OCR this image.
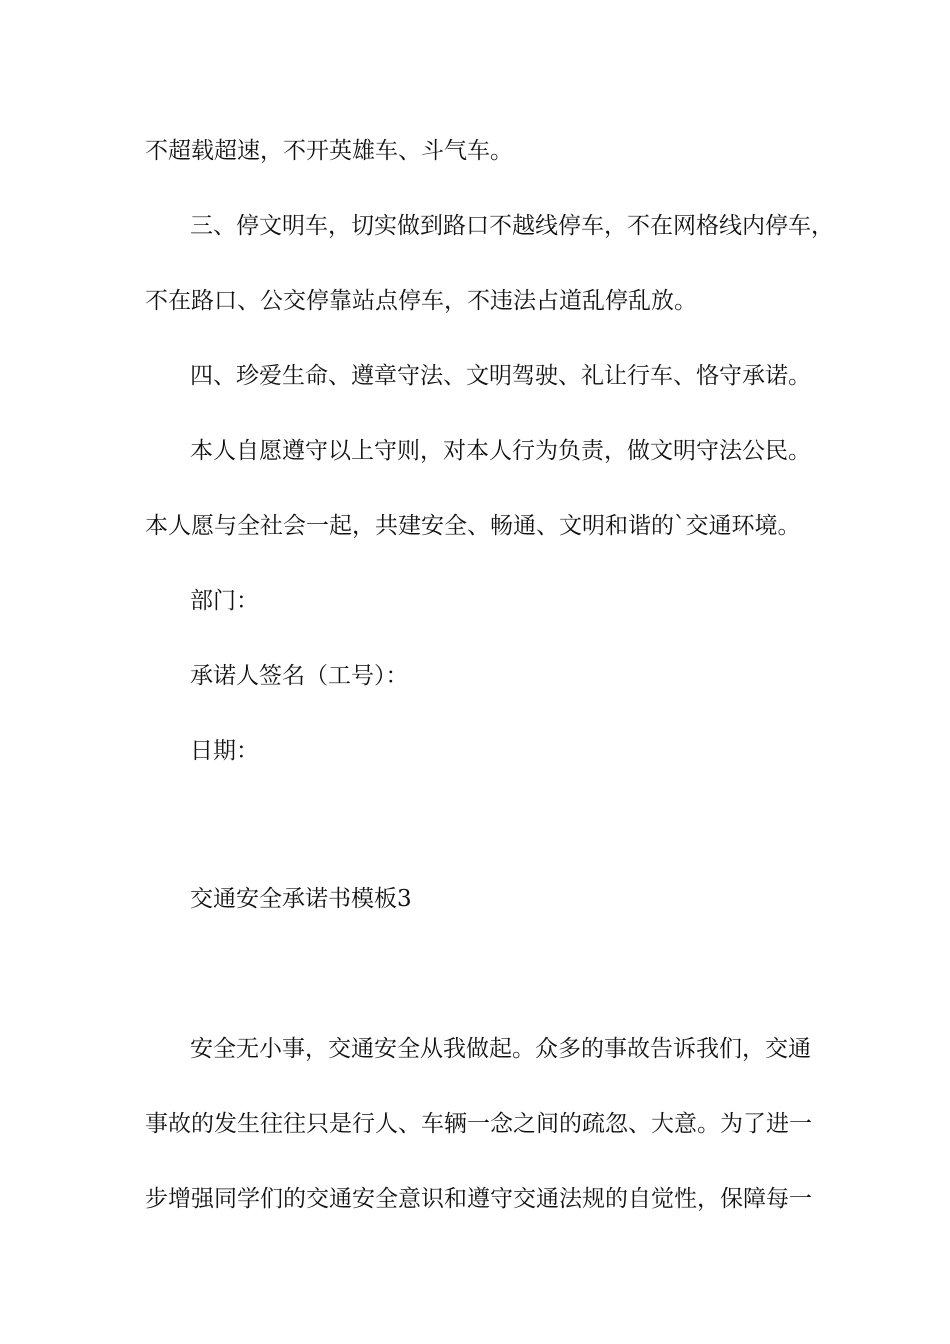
不超载超速，不开英雄车、斗气车。

三、停文明车，切实做到路口不越线停车，不在网格线内停车，

不在路口、公交停靠站点停车，不违法占道乱停乱放。

四、珍爱生命、遵章守法、文明驾驶、礼让行车、恪守承诺。

本人自愿遵守以上守则，对本人行为负责，做文明守法公民。

本人愿与全社会一起，共建安全、畅通、文明和谐的`交通环境。

部门：

承诺人签名（工号）：

日期：

交通安全承诺书模板3

安全无小事，交通安全从我做起。众多的事故告诉我们，交通

事故的发生往往只是行人、车辆一念之间的疏忽、大意。为了进一

步增强同学们的交通安全意识和遵守交通法规的自觉性，保障每一
